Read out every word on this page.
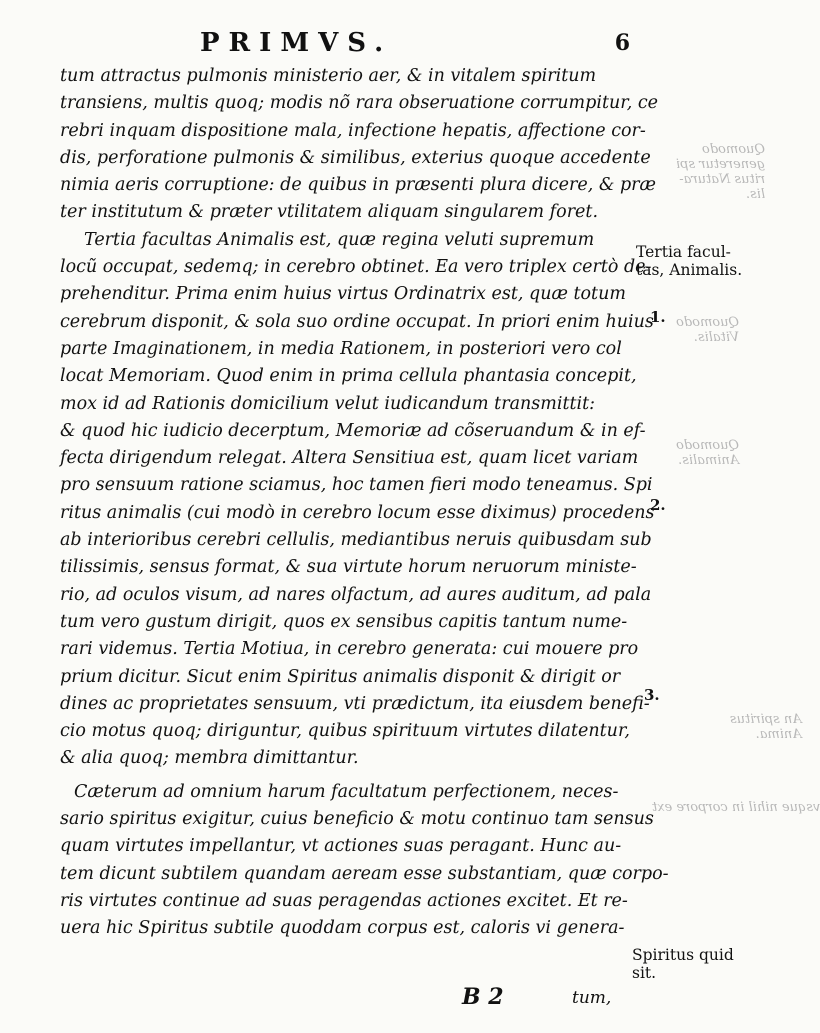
PRIMVS.	6
tum attractus pulmonis ministerio aer, & in vitalem spiritum
transiens, multis quoq; modis nõ rara obseruatione corrumpitur, ce
rebri inquam dispositione mala, infectione hepatis, affectione cor-
dis, perforatione pulmonis & similibus, exterius quoque accedente
nimia aeris corruptione: de quibus in præsenti plura dicere, & præ
ter institutum & præter vtilitatem aliquam singularem foret.
Tertia facultas Animalis est, quæ regina veluti supremum
locũ occupat, sedemq; in cerebro obtinet. Ea vero triplex certò de-
prehenditur. Prima enim huius virtus Ordinatrix est, quæ totum
cerebrum disponit, & sola suo ordine occupat. In priori enim huius
parte Imaginationem, in media Rationem, in posteriori vero col
locat Memoriam. Quod enim in prima cellula phantasia concepit,
mox id ad Rationis domicilium velut iudicandum transmittit:
& quod hic iudicio decerptum, Memoriæ ad cõseruandum & in ef-
fecta dirigendum relegat. Altera Sensitiua est, quam licet variam
pro sensuum ratione sciamus, hoc tamen fieri modo teneamus. Spi
ritus animalis (cui modò in cerebro locum esse diximus) procedens
ab interioribus cerebri cellulis, mediantibus neruis quibusdam sub
tilissimis, sensus format, & sua virtute horum neruorum ministe-
rio, ad oculos visum, ad nares olfactum, ad aures auditum, ad pala
tum vero gustum dirigit, quos ex sensibus capitis tantum nume-
rari videmus. Tertia Motiua, in cerebro generata: cui mouere pro
prium dicitur. Sicut enim Spiritus animalis disponit & dirigit or
dines ac proprietates sensuum, vti prædictum, ita eiusdem benefi-
cio motus quoq; diriguntur, quibus spirituum virtutes dilatentur,
& alia quoq; membra dimittantur.
Cæterum ad omnium harum facultatum perfectionem, neces-
sario spiritus exigitur, cuius beneficio & motu continuo tam sensus
quam virtutes impellantur, vt actiones suas peragant. Hunc au-
tem dicunt subtilem quandam aeream esse substantiam, quæ corpo-
ris virtutes continue ad suas peragendas actiones excitet. Et re-
uera hic Spiritus subtile quoddam corpus est, caloris vi genera-
Quomodo
generetur spi
ritus Natura-
lis.
Quomodo
Vitalis.
Quomodo
Animalis.
An spiritus
Anima.
vsque nihil in corpore ext
Tertia facul-
tas, Animalis.
1.
2.
3.
Spiritus quid
sit.
B 2	tum,
